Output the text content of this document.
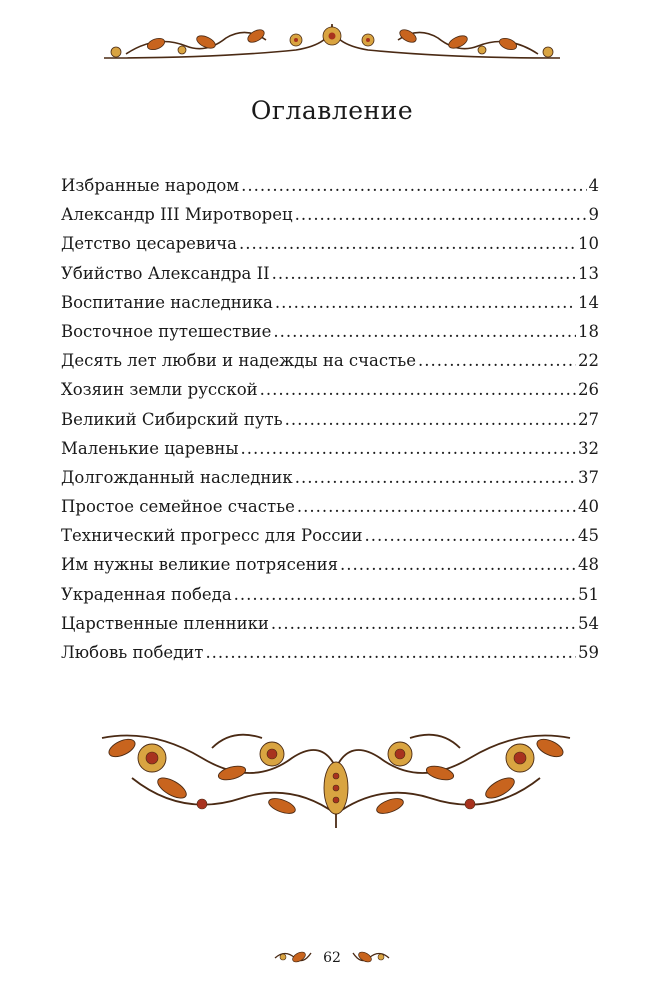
Оглавление
Избранные народом .....	4
Александр III Миротворец .....	9
Детство цесаревича .....	10
Убийство Александра II .....	13
Воспитание наследника .....	14
Восточное путешествие .....	18
Десять лет любви и надежды на счастье .....	22
Хозяин земли русской .....	26
Великий Сибирский путь .....	27
Маленькие царевны .....	32
Долгожданный наследник .....	37
Простое семейное счастье .....	40
Технический прогресс для России .....	45
Им нужны великие потрясения .....	48
Украденная победа .....	51
Царственные пленники .....	54
Любовь победит .....	59
62
